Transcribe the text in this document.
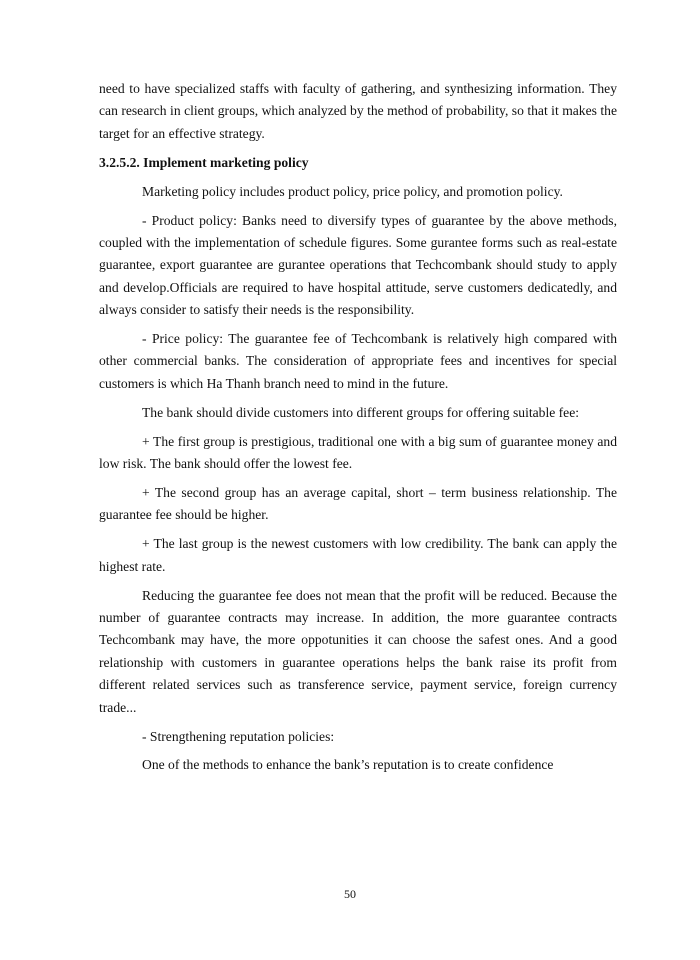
need to have specialized staffs with faculty of gathering, and synthesizing information. They can research in client groups, which analyzed by the method of probability, so that it makes the target for an effective strategy.

3.2.5.2. Implement marketing policy

Marketing policy includes product policy, price policy, and promotion policy.

- Product policy: Banks need to diversify types of guarantee by the above methods, coupled with the implementation of schedule figures. Some gurantee forms such as real-estate guarantee, export guarantee are gurantee operations that Techcombank should study to apply and develop.Officials are required to have hospital attitude, serve customers dedicatedly, and always consider to satisfy their needs is the responsibility.

- Price policy: The guarantee fee of Techcombank is relatively high compared with other commercial banks. The consideration of appropriate fees and incentives for special customers is which Ha Thanh branch need to mind in the future.

The bank should divide customers into different groups for offering suitable fee:

+ The first group is prestigious, traditional one with a big sum of guarantee money and low risk. The bank should offer the lowest fee.

+ The second group has an average capital, short – term business relationship. The guarantee fee should be higher.

+ The last group is the newest customers with low credibility. The bank can apply the highest rate.

Reducing the guarantee fee does not mean that the profit will be reduced. Because the number of guarantee contracts may increase. In addition, the more guarantee contracts Techcombank may have, the more oppotunities it can choose the safest ones. And a good relationship with customers in guarantee operations helps the bank raise its profit from different related services such as transference service, payment service, foreign currency trade...

- Strengthening reputation policies:

One of the methods to enhance the bank’s reputation is to create confidence

50
